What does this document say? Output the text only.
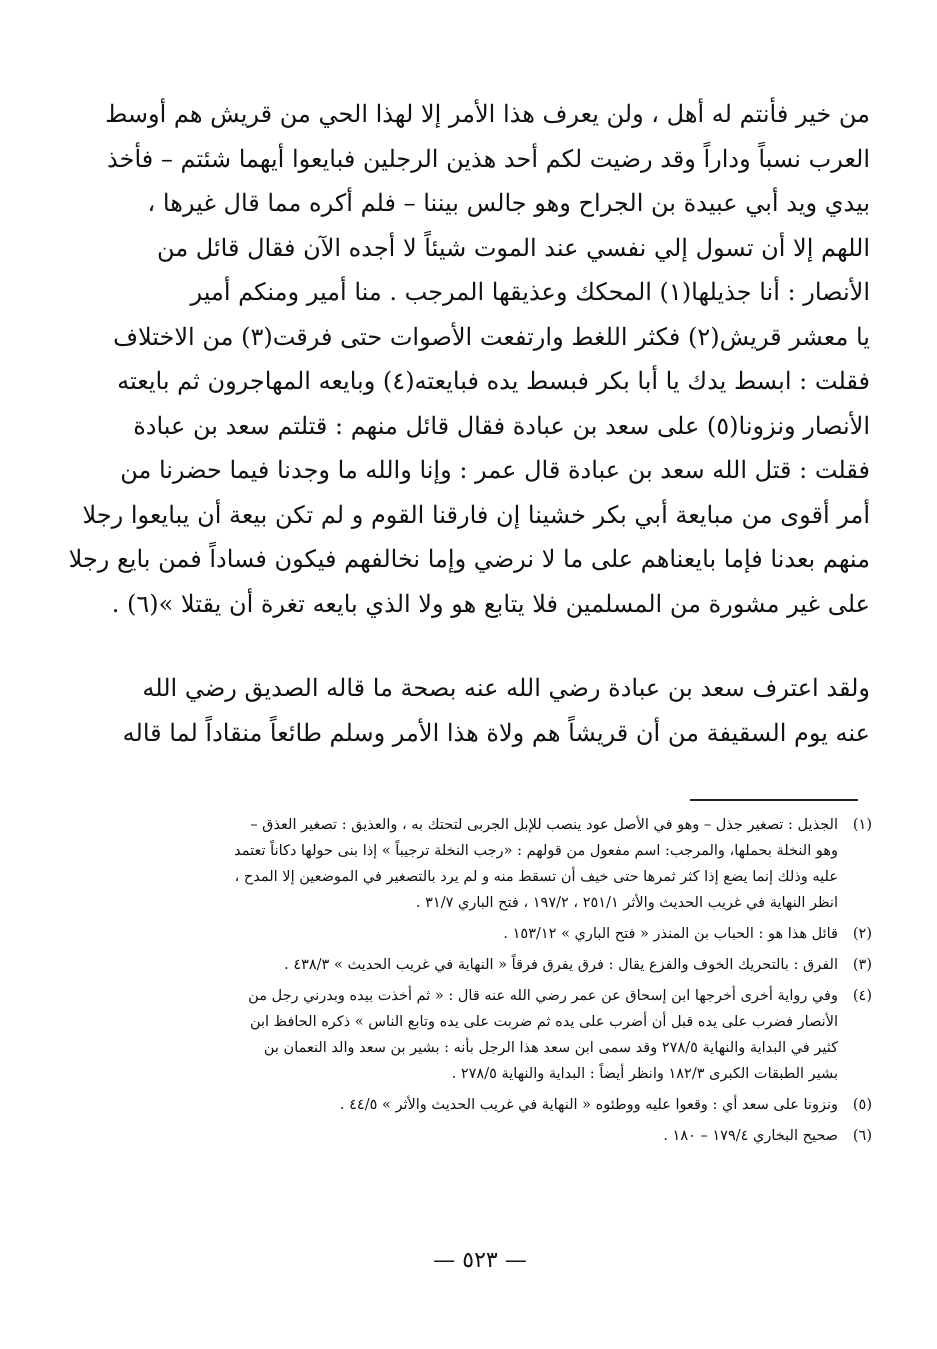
من خير فأنتم له أهل ، ولن يعرف هذا الأمر إلا لهذا الحي من قريش هم أوسط
العرب نسباً وداراً وقد رضيت لكم أحد هذين الرجلين فبايعوا أيهما شئتم – فأخذ
بيدي ويد أبي عبيدة بن الجراح وهو جالس بيننا – فلم أكره مما قال غيرها ،
اللهم إلا أن تسول إلي نفسي عند الموت شيئاً لا أجده الآن فقال قائل من
الأنصار : أنا جذيلها(١) المحكك وعذيقها المرجب . منا أمير ومنكم أمير
يا معشر قريش(٢) فكثر اللغط وارتفعت الأصوات حتى فرقت(٣) من الاختلاف
فقلت : ابسط يدك يا أبا بكر فبسط يده فبايعته(٤) وبايعه المهاجرون ثم بايعته
الأنصار ونزونا(٥) على سعد بن عبادة فقال قائل منهم : قتلتم سعد بن عبادة
فقلت : قتل الله سعد بن عبادة قال عمر : وإنا والله ما وجدنا فيما حضرنا من
أمر أقوى من مبايعة أبي بكر خشينا إن فارقنا القوم و لم تكن بيعة أن يبايعوا رجلا
منهم بعدنا فإما بايعناهم على ما لا نرضي وإما نخالفهم فيكون فساداً فمن بايع رجلا
على غير مشورة من المسلمين فلا يتابع هو ولا الذي بايعه تغرة أن يقتلا »(٦) .
ولقد اعترف سعد بن عبادة رضي الله عنه بصحة ما قاله الصديق رضي الله
عنه يوم السقيفة من أن قريشاً هم ولاة هذا الأمر وسلم طائعاً منقاداً لما قاله
(١)
الجذيل : تصغير جذل – وهو في الأصل عود ينصب للإبل الجربى لتحتك به ، والعذيق : تصغير العذق –
وهو النخلة بحملها، والمرجب: اسم مفعول من قولهم : «رجب النخلة ترجيباً » إذا بنى حولها دكاناً تعتمد
عليه وذلك إنما يضع إذا كثر ثمرها حتى خيف أن تسقط منه و لم يرد بالتصغير في الموضعين إلا المدح ،
انظر النهاية في غريب الحديث والأثر ٢٥١/١ ، ١٩٧/٢ ، فتح الباري ٣١/٧ .
(٢)
قائل هذا هو : الحباب بن المنذر « فتح الباري » ١٥٣/١٢ .
(٣)
الفرق : بالتحريك الخوف والفزع يقال : فرق يفرق فرقاً « النهاية في غريب الحديث » ٤٣٨/٣ .
(٤)
وفي رواية أخرى أخرجها ابن إسحاق عن عمر رضي الله عنه قال : « ثم أخذت بيده وبدرني رجل من
الأنصار فضرب على يده قبل أن أضرب على يده ثم ضربت على يده وتابع الناس » ذكره الحافظ ابن
كثير في البداية والنهاية ٢٧٨/٥ وقد سمى ابن سعد هذا الرجل بأنه : بشير بن سعد والد النعمان بن
بشير الطبقات الكبرى ١٨٢/٣ وانظر أيضاً : البداية والنهاية ٢٧٨/٥ .
(٥)
ونزونا على سعد أي : وقعوا عليه ووطئوه « النهاية في غريب الحديث والأثر » ٤٤/٥ .
(٦)
صحيح البخاري ١٧٩/٤ – ١٨٠ .
— ٥٢٣ —
